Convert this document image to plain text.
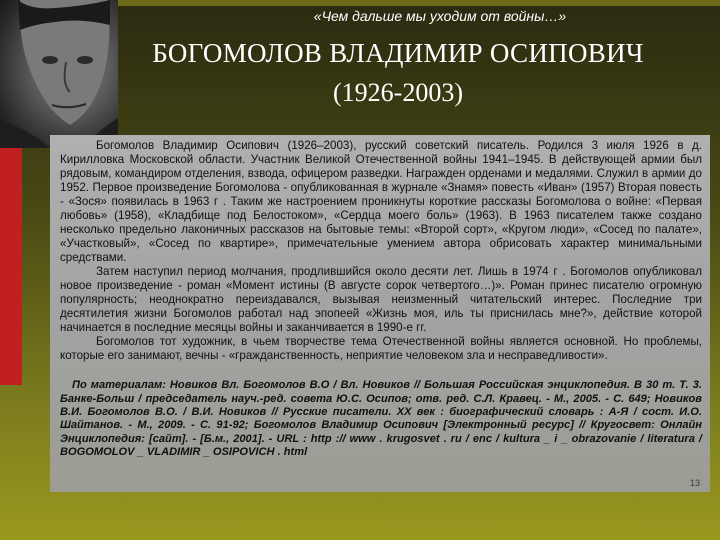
«Чем дальше мы уходим от войны…»
БОГОМОЛОВ ВЛАДИМИР ОСИПОВИЧ
(1926-2003)

Богомолов Владимир Осипович (1926–2003), русский советский писатель. Родился 3 июля 1926 в д. Кирилловка Московской области. Участник Великой Отечественной войны 1941–1945. В действующей армии был рядовым, командиром отделения, взвода, офицером разведки. Награжден орденами и медалями. Служил в армии до 1952. Первое произведение Богомолова - опубликованная в журнале «Знамя» повесть «Иван» (1957) Вторая повесть - «Зося» появилась в 1963 г . Таким же настроением проникнуты короткие рассказы Богомолова о войне: «Первая любовь» (1958), «Кладбище под Белостоком», «Сердца моего боль» (1963). В 1963 писателем также создано несколько предельно лаконичных рассказов на бытовые темы: «Второй сорт», «Кругом люди», «Сосед по палате», «Участковый», «Сосед по квартире», примечательные умением автора обрисовать характер минимальными средствами.

Затем наступил период молчания, продлившийся около десяти лет. Лишь в 1974 г . Богомолов опубликовал новое произведение - роман «Момент истины (В августе сорок четвертого…)». Роман принес писателю огромную популярность; неоднократно переиздавался, вызывая неизменный читательский интерес. Последние три десятилетия жизни Богомолов работал над эпопеей «Жизнь моя, иль ты приснилась мне?», действие которой начинается в последние месяцы войны и заканчивается в 1990-е гг.

Богомолов тот художник, в чьем творчестве тема Отечественной войны является основной. Но проблемы, которые его занимают, вечны - «гражданственность, неприятие человеком зла и несправедливости».

По материалам: Новиков Вл. Богомолов В.О / Вл. Новиков // Большая Российская энциклопедия. В 30 т. Т. 3. Банке-Больш / председатель науч.-ред. совета Ю.С. Осипов; отв. ред. С.Л. Кравец. - М., 2005. - С. 649; Новиков В.И. Богомолов В.О. / В.И. Новиков // Русские писатели. XX век : биографический словарь : А-Я / сост. И.О. Шайтанов. - М., 2009. - С. 91-92; Богомолов Владимир Осипович [Электронный ресурс] // Кругосвет: Онлайн Энциклопедия: [сайт]. - [Б.м., 2001]. - URL : http :// www . krugosvet . ru / enc / kultura _ i _ obrazovanie / literatura / BOGOMOLOV _ VLADIMIR _ OSIPOVICH . html

13
